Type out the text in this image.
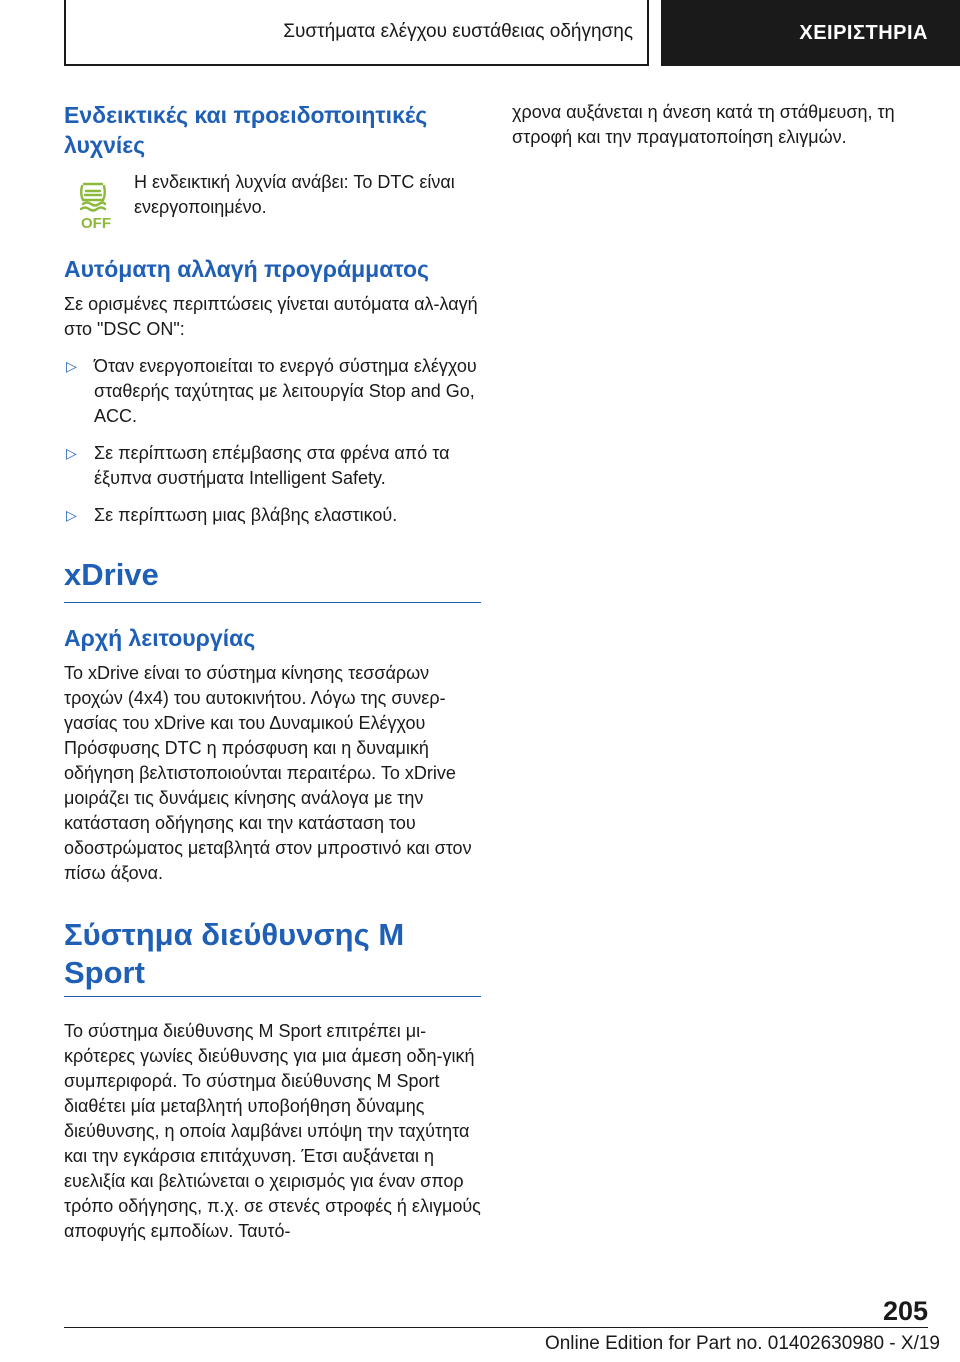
Συστήματα ελέγχου ευστάθειας οδήγησης	ΧΕΙΡΙΣΤΗΡΙΑ
Ενδεικτικές και προειδοποιητικές λυχνίες
OFF
Η ενδεικτική λυχνία ανάβει: Το DTC είναι ενεργοποιημένο.
Αυτόματη αλλαγή προγράμματος
Σε ορισμένες περιπτώσεις γίνεται αυτόματα αλ‐λαγή στο "DSC ON":
▷ Όταν ενεργοποιείται το ενεργό σύστημα ελέγχου σταθερής ταχύτητας με λειτουργία Stop and Go, ACC.
▷ Σε περίπτωση επέμβασης στα φρένα από τα έξυπνα συστήματα Intelligent Safety.
▷ Σε περίπτωση μιας βλάβης ελαστικού.
xDrive
Αρχή λειτουργίας
Το xDrive είναι το σύστημα κίνησης τεσσάρων τροχών (4x4) του αυτοκινήτου. Λόγω της συνερ‐γασίας του xDrive και του Δυναμικού Ελέγχου Πρόσφυσης DTC η πρόσφυση και η δυναμική οδήγηση βελτιστοποιούνται περαιτέρω. Το xDrive μοιράζει τις δυνάμεις κίνησης ανάλογα με την κατάσταση οδήγησης και την κατάσταση του οδοστρώματος μεταβλητά στον μπροστινό και στον πίσω άξονα.
Σύστημα διεύθυνσης M Sport
Το σύστημα διεύθυνσης M Sport επιτρέπει μι‐κρότερες γωνίες διεύθυνσης για μια άμεση οδη‐γική συμπεριφορά. Το σύστημα διεύθυνσης M Sport διαθέτει μία μεταβλητή υποβοήθηση δύναμης διεύθυνσης, η οποία λαμβάνει υπόψη την ταχύτητα και την εγκάρσια επιτάχυνση. Έτσι αυξάνεται η ευελιξία και βελτιώνεται ο χειρισμός για έναν σπορ τρόπο οδήγησης, π.χ. σε στενές στροφές ή ελιγμούς αποφυγής εμποδίων. Ταυτό‐
χρονα αυξάνεται η άνεση κατά τη στάθμευση, τη στροφή και την πραγματοποίηση ελιγμών.
205
Online Edition for Part no. 01402630980 - X/19
